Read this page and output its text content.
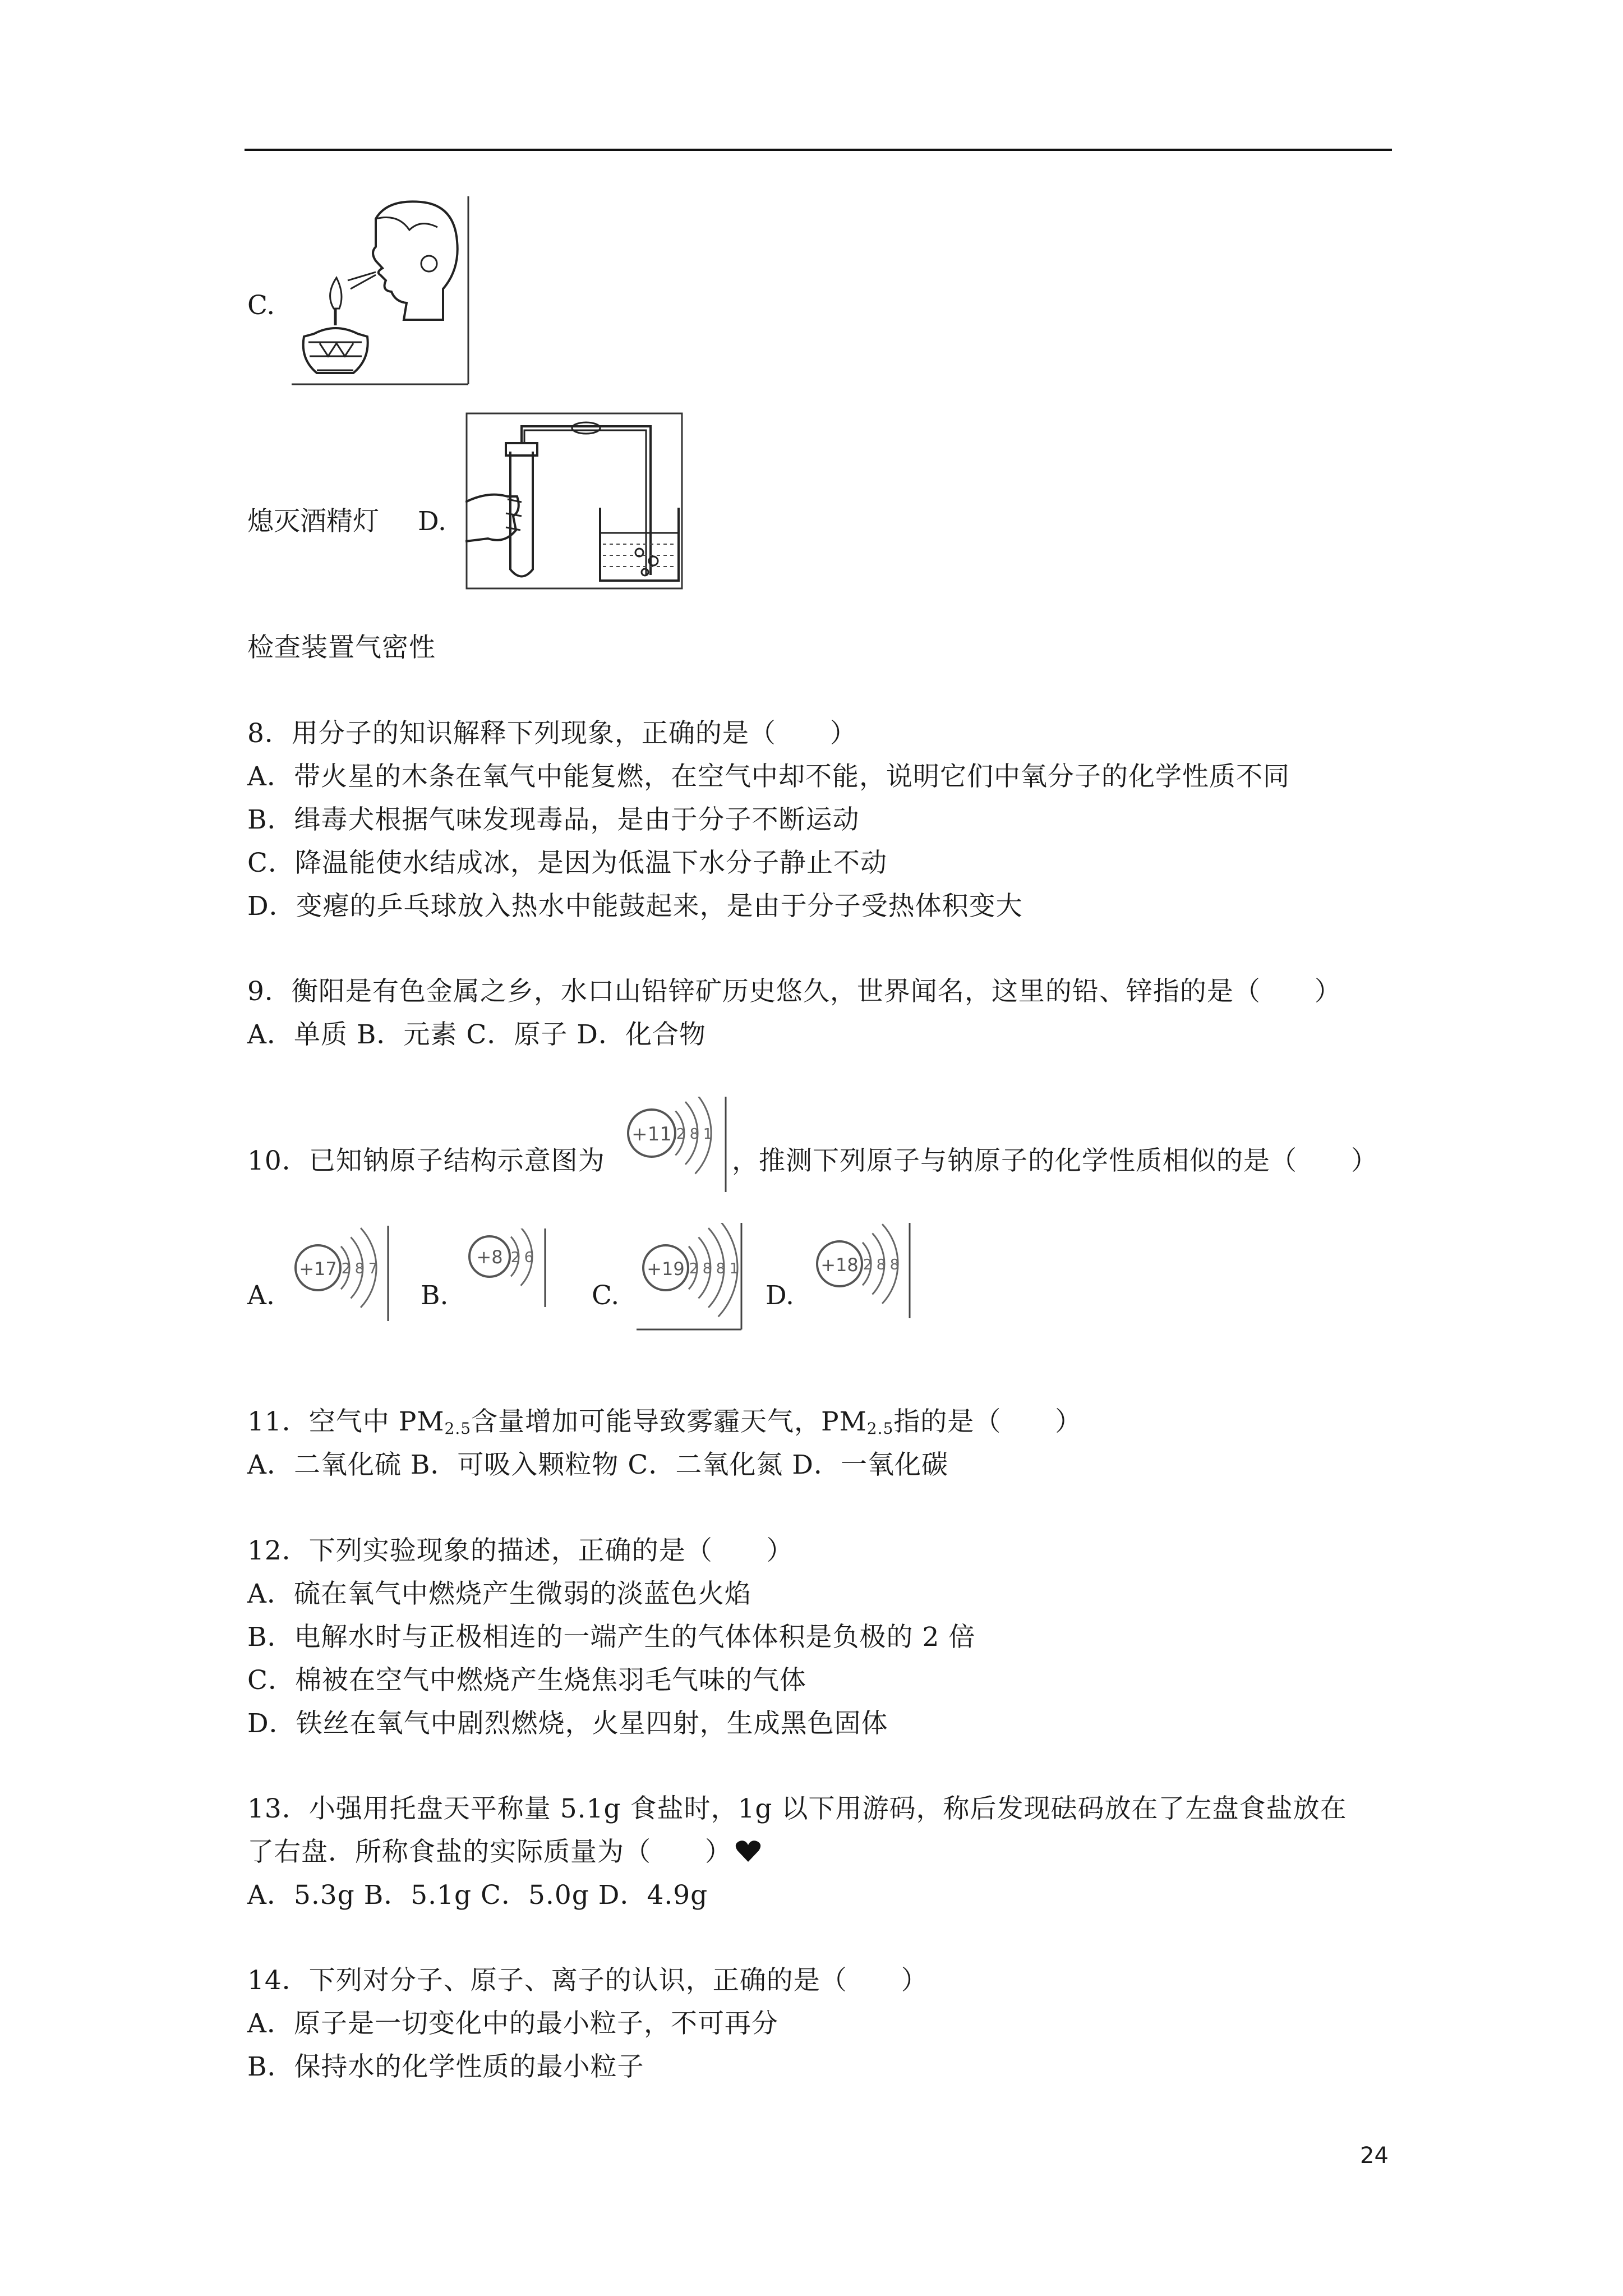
C.
熄灭酒精灯 D.
检查装置气密性
8．用分子的知识解释下列现象，正确的是（　　）
A．带火星的木条在氧气中能复燃，在空气中却不能，说明它们中氧分子的化学性质不同
B．缉毒犬根据气味发现毒品，是由于分子不断运动
C．降温能使水结成冰，是因为低温下水分子静止不动
D．变瘪的乒乓球放入热水中能鼓起来，是由于分子受热体积变大
9．衡阳是有色金属之乡，水口山铅锌矿历史悠久，世界闻名，这里的铅、锌指的是（　　）
A．单质 B．元素 C．原子 D．化合物
10．已知钠原子结构示意图为
+11 2 8 1
，推测下列原子与钠原子的化学性质相似的是（　　）
A.
+17 2 8 7
B.
+8 2 6
C.
+19 2 8 8 1
D.
+18 2 8 8
11．空气中 $PM_{2.5}$含量增加可能导致雾霾天气，$PM_{2.5}$指的是（　　）
A．二氧化硫 B．可吸入颗粒物 C．二氧化氮 D．一氧化碳
12．下列实验现象的描述，正确的是（　　）
A．硫在氧气中燃烧产生微弱的淡蓝色火焰
B．电解水时与正极相连的一端产生的气体体积是负极的 2 倍
C．棉被在空气中燃烧产生烧焦羽毛气味的气体
D．铁丝在氧气中剧烈燃烧，火星四射，生成黑色固体
13．小强用托盘天平称量 5.1g 食盐时，1g 以下用游码，称后发现砝码放在了左盘食盐放在
了右盘．所称食盐的实际质量为（　　）
A．5.3g B．5.1g C．5.0g D．4.9g
14．下列对分子、原子、离子的认识，正确的是（　　）
A．原子是一切变化中的最小粒子，不可再分
B．保持水的化学性质的最小粒子
24
